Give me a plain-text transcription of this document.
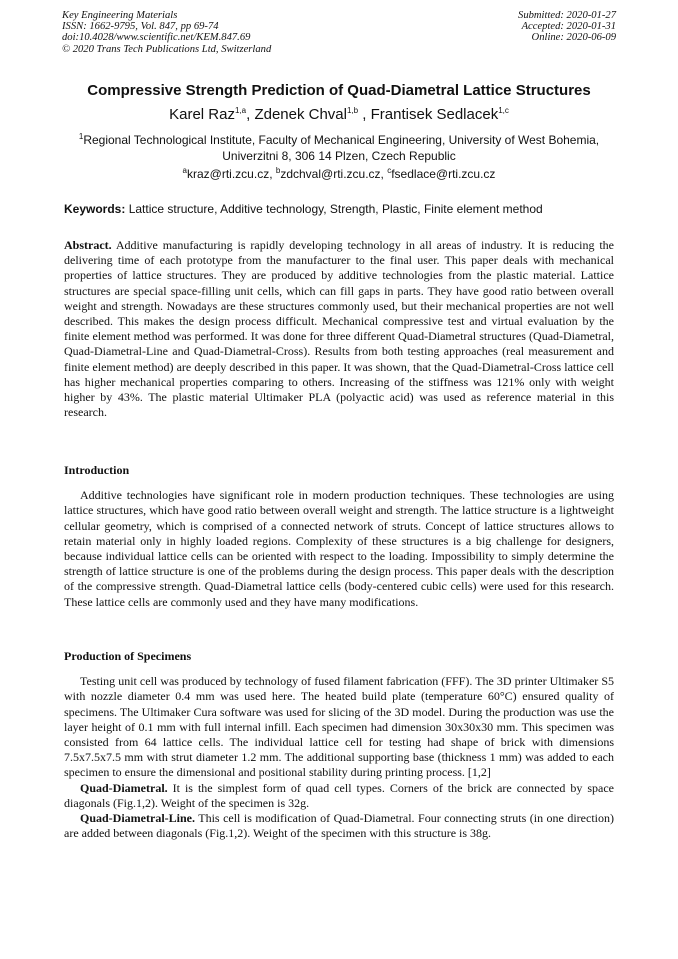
Key Engineering Materials
ISSN: 1662-9795, Vol. 847, pp 69-74
doi:10.4028/www.scientific.net/KEM.847.69
© 2020 Trans Tech Publications Ltd, Switzerland
Submitted: 2020-01-27
Accepted: 2020-01-31
Online: 2020-06-09
Compressive Strength Prediction of Quad-Diametral Lattice Structures
Karel Raz$^{1,a}$, Zdenek Chval$^{1,b}$ , Frantisek Sedlacek$^{1,c}$
$^1$Regional Technological Institute, Faculty of Mechanical Engineering, University of West Bohemia,
Univerzitni 8, 306 14 Plzen, Czech Republic
$^a$kraz@rti.zcu.cz, $^b$zdchval@rti.zcu.cz, $^c$fsedlace@rti.zcu.cz
Keywords: Lattice structure, Additive technology, Strength, Plastic, Finite element method

Abstract. Additive manufacturing is rapidly developing technology in all areas of industry. It is reducing the delivering time of each prototype from the manufacturer to the final user. This paper deals with mechanical properties of lattice structures. They are produced by additive technologies from the plastic material. Lattice structures are special space-filling unit cells, which can fill gaps in parts. They have good ratio between overall weight and strength. Nowadays are these structures commonly used, but their mechanical properties are not well described. This makes the design process difficult. Mechanical compressive test and virtual evaluation by the finite element method was performed. It was done for three different Quad-Diametral structures (Quad-Diametral, Quad-Diametral-Line and Quad-Diametral-Cross). Results from both testing approaches (real measurement and finite element method) are deeply described in this paper. It was shown, that the Quad-Diametral-Cross lattice cell has higher mechanical properties comparing to others. Increasing of the stiffness was 121% only with weight higher by 43%. The plastic material Ultimaker PLA (polyactic acid) was used as reference material in this research.

Introduction

Additive technologies have significant role in modern production techniques. These technologies are using lattice structures, which have good ratio between overall weight and strength. The lattice structure is a lightweight cellular geometry, which is comprised of a connected network of struts. Concept of lattice structures allows to retain material only in highly loaded regions. Complexity of these structures is a big challenge for designers, because individual lattice cells can be oriented with respect to the loading. Impossibility to simply determine the strength of lattice structure is one of the problems during the design process. This paper deals with the description of the compressive strength. Quad-Diametral lattice cells (body-centered cubic cells) were used for this research. These lattice cells are commonly used and they have many modifications.

Production of Specimens

Testing unit cell was produced by technology of fused filament fabrication (FFF). The 3D printer Ultimaker S5 with nozzle diameter 0.4 mm was used here. The heated build plate (temperature 60°C) ensured quality of specimens. The Ultimaker Cura software was used for slicing of the 3D model. During the production was use the layer height of 0.1 mm with full internal infill. Each specimen had dimension 30x30x30 mm. This specimen was consisted from 64 lattice cells. The individual lattice cell for testing had shape of brick with dimensions 7.5x7.5x7.5 mm with strut diameter 1.2 mm. The additional supporting base (thickness 1 mm) was added to each specimen to ensure the dimensional and positional stability during printing process. [1,2]

Quad-Diametral. It is the simplest form of quad cell types. Corners of the brick are connected by space diagonals (Fig.1,2). Weight of the specimen is 32g.

Quad-Diametral-Line. This cell is modification of Quad-Diametral. Four connecting struts (in one direction) are added between diagonals (Fig.1,2). Weight of the specimen with this structure is 38g.
